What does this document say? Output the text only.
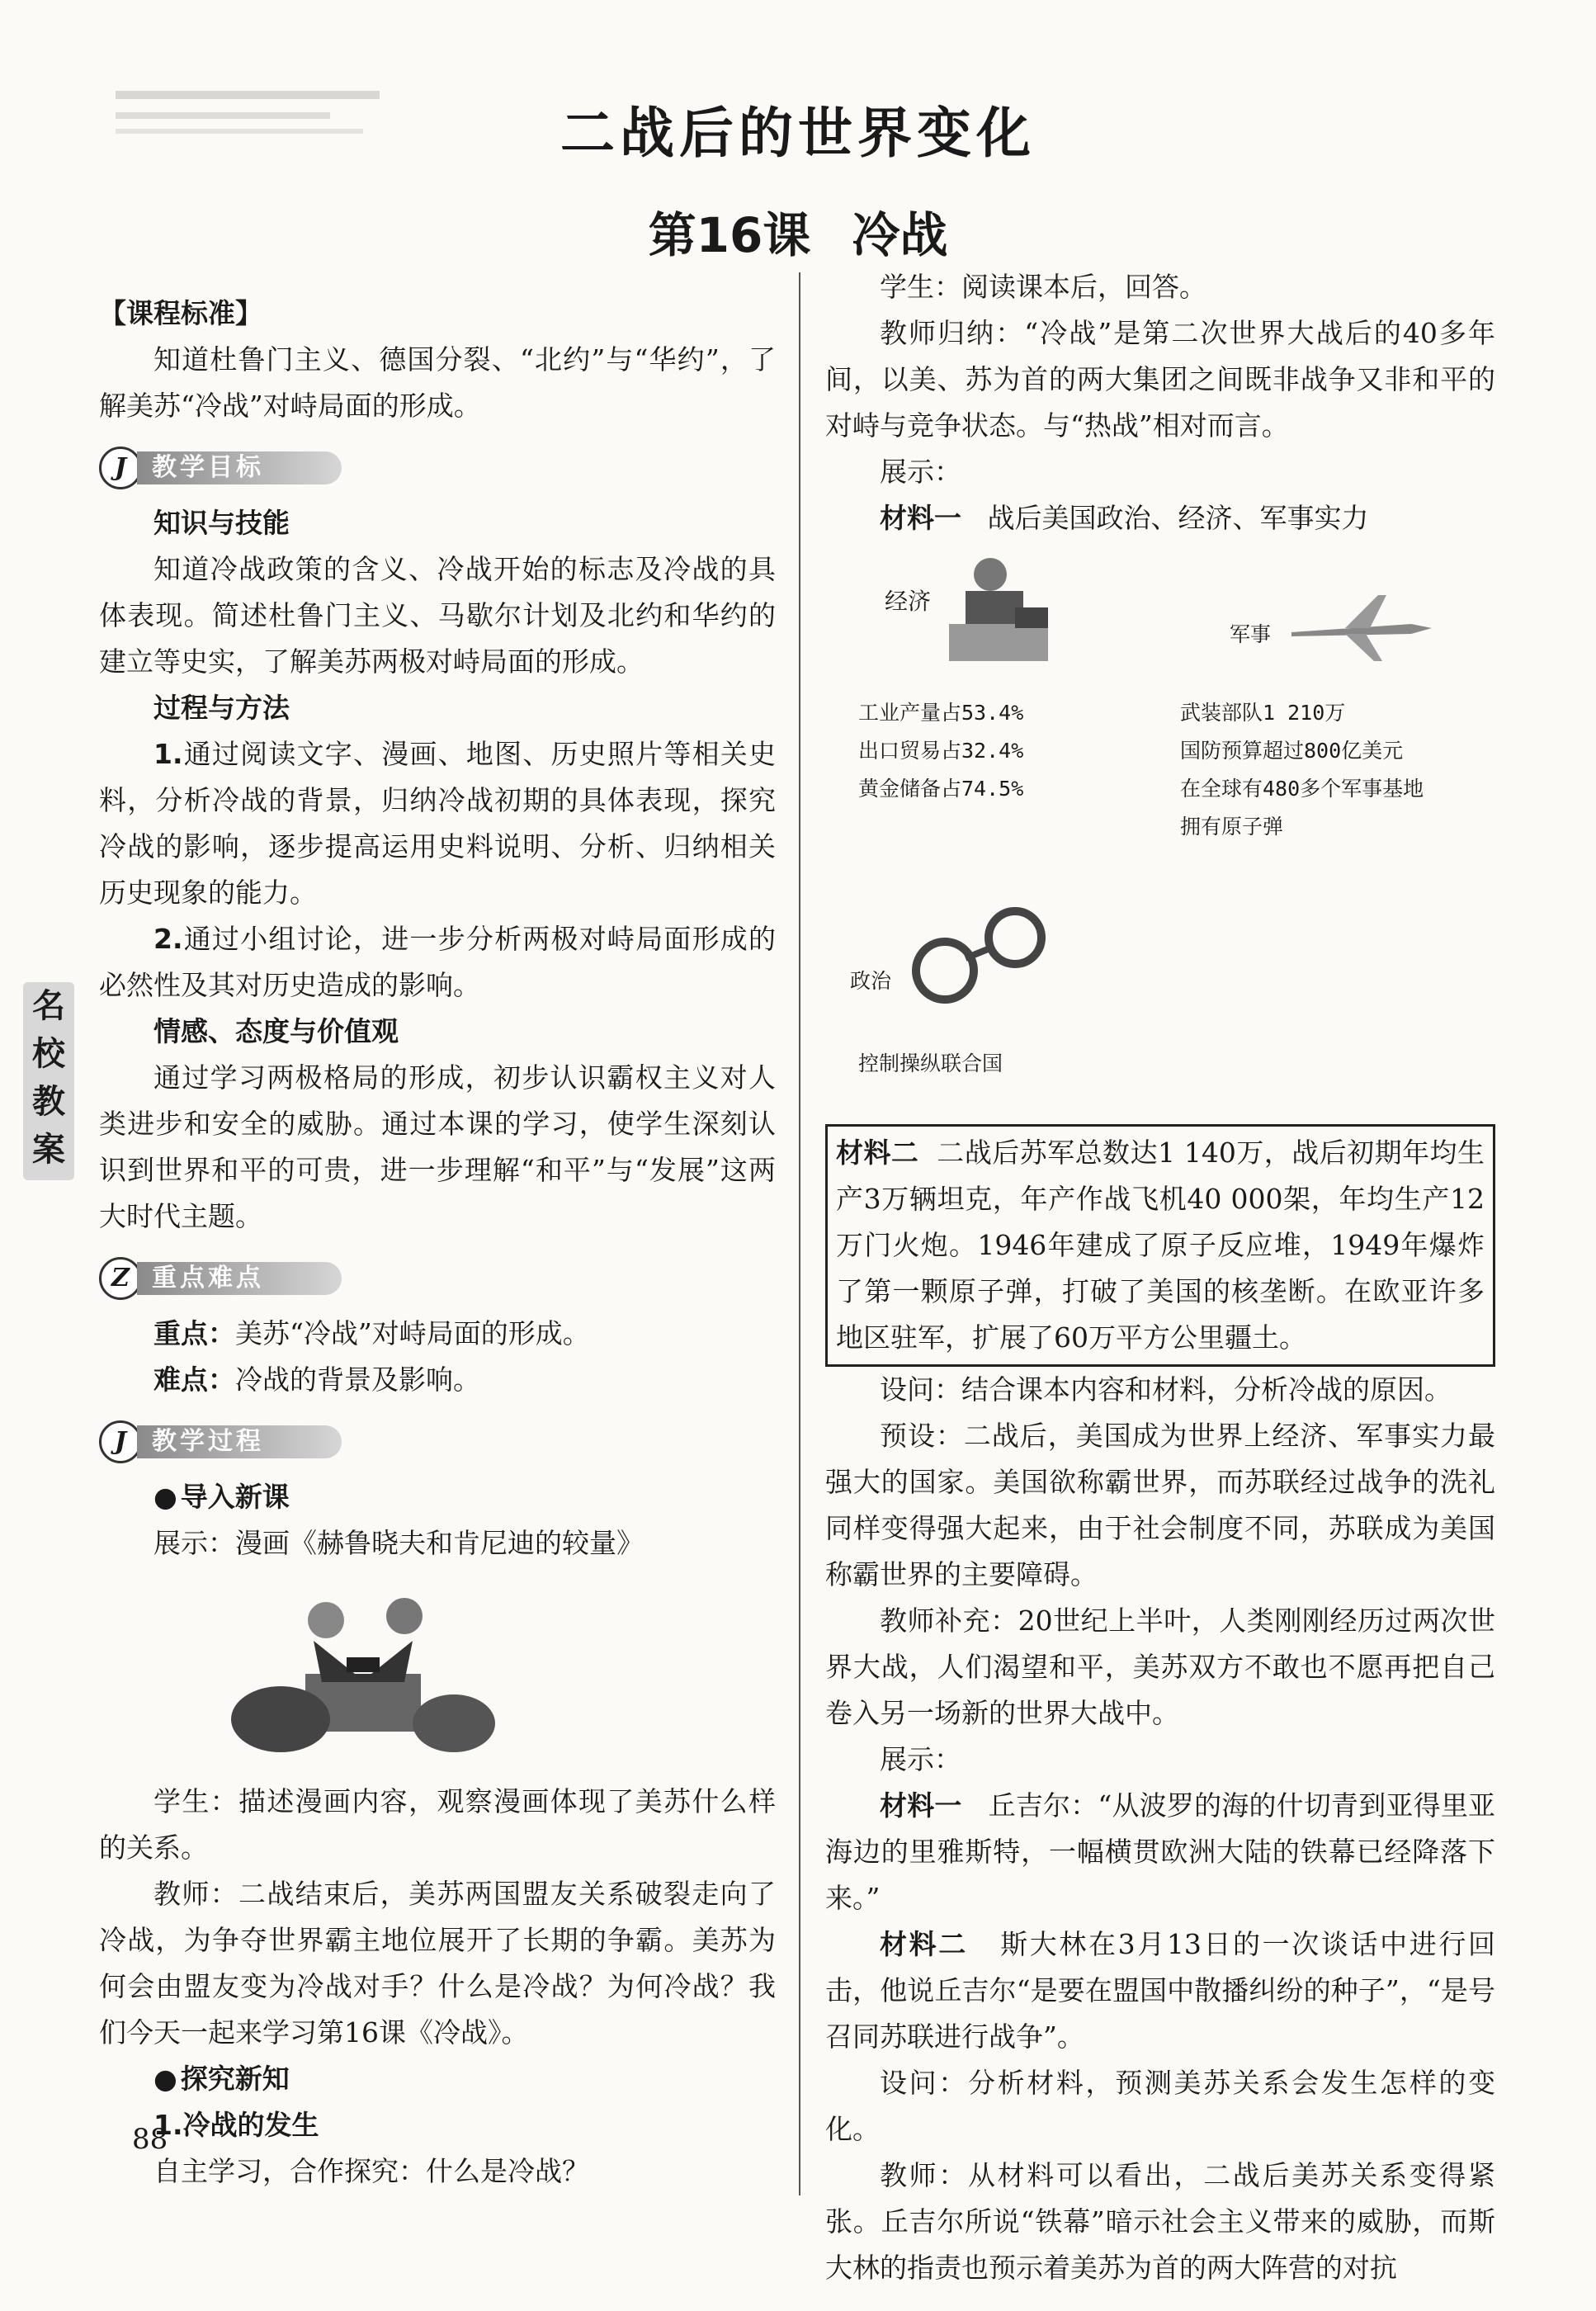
二战后的世界变化
第16课 冷战
名校教案

【课程标准】

知道杜鲁门主义、德国分裂、“北约”与“华约”，了解美苏“冷战”对峙局面的形成。

J	教学目标

知识与技能

知道冷战政策的含义、冷战开始的标志及冷战的具体表现。简述杜鲁门主义、马歇尔计划及北约和华约的建立等史实，了解美苏两极对峙局面的形成。

过程与方法

1.通过阅读文字、漫画、地图、历史照片等相关史料，分析冷战的背景，归纳冷战初期的具体表现，探究冷战的影响，逐步提高运用史料说明、分析、归纳相关历史现象的能力。

2.通过小组讨论，进一步分析两极对峙局面形成的必然性及其对历史造成的影响。

情感、态度与价值观

通过学习两极格局的形成，初步认识霸权主义对人类进步和安全的威胁。通过本课的学习，使学生深刻认识到世界和平的可贵，进一步理解“和平”与“发展”这两大时代主题。

Z 重点难点

重点：美苏“冷战”对峙局面的形成。

难点：冷战的背景及影响。

J	教学过程

● 导入新课

展示：漫画《赫鲁晓夫和肯尼迪的较量》

学生：描述漫画内容，观察漫画体现了美苏什么样的关系。

教师：二战结束后，美苏两国盟友关系破裂走向了冷战，为争夺世界霸主地位展开了长期的争霸。美苏为何会由盟友变为冷战对手？什么是冷战？为何冷战？我们今天一起来学习第16课《冷战》。

● 探究新知

1.冷战的发生

自主学习，合作探究：什么是冷战？

88

学生：阅读课本后，回答。

教师归纳：“冷战”是第二次世界大战后的40多年间，以美、苏为首的两大集团之间既非战争又非和平的对峙与竞争状态。与“热战”相对而言。

展示：

材料一 战后美国政治、经济、军事实力

经济
军事
工业产量占53.4%
出口贸易占32.4%
黄金储备占74.5%
武装部队1 210万
国防预算超过800亿美元
在全球有480多个军事基地
拥有原子弹
政治
控制操纵联合国

材料二 二战后苏军总数达1 140万，战后初期年均生产3万辆坦克，年产作战飞机40 000架，年均生产12万门火炮。1946年建成了原子反应堆，1949年爆炸了第一颗原子弹，打破了美国的核垄断。在欧亚许多地区驻军，扩展了60万平方公里疆土。

设问：结合课本内容和材料，分析冷战的原因。

预设：二战后，美国成为世界上经济、军事实力最强大的国家。美国欲称霸世界，而苏联经过战争的洗礼同样变得强大起来，由于社会制度不同，苏联成为美国称霸世界的主要障碍。

教师补充：20世纪上半叶，人类刚刚经历过两次世界大战，人们渴望和平，美苏双方不敢也不愿再把自己卷入另一场新的世界大战中。

展示：

材料一 丘吉尔：“从波罗的海的什切青到亚得里亚海边的里雅斯特，一幅横贯欧洲大陆的铁幕已经降落下来。”

材料二 斯大林在3月13日的一次谈话中进行回击，他说丘吉尔“是要在盟国中散播纠纷的种子”，“是号召同苏联进行战争”。

设问：分析材料，预测美苏关系会发生怎样的变化。

教师：从材料可以看出，二战后美苏关系变得紧张。丘吉尔所说“铁幕”暗示社会主义带来的威胁，而斯大林的指责也预示着美苏为首的两大阵营的对抗
